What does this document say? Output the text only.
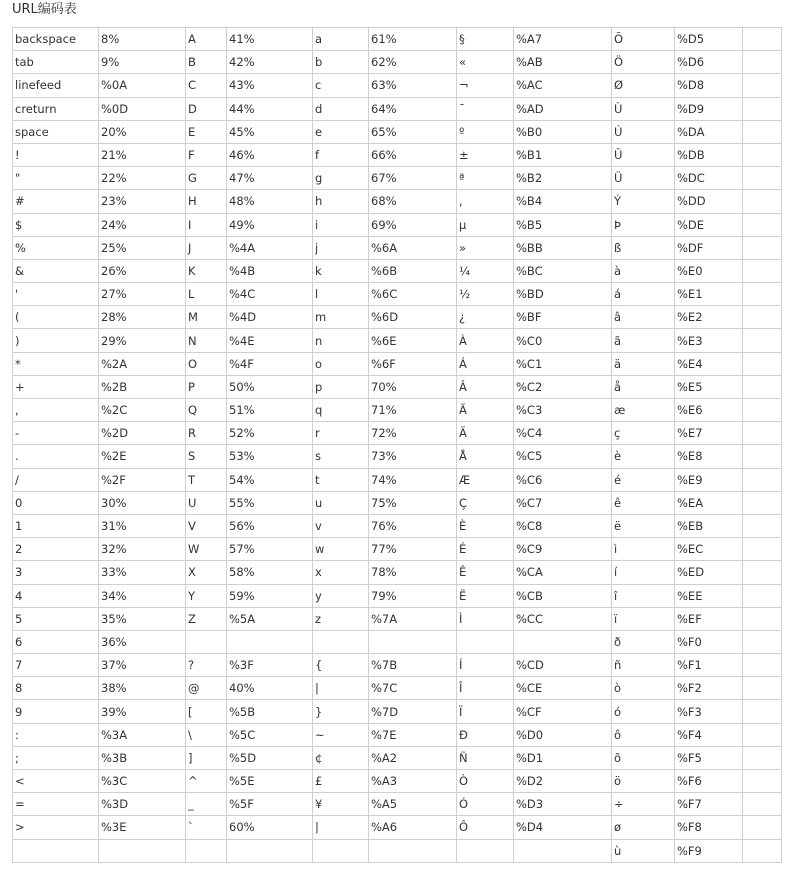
URL编码表
backspace	8%	A	41%	a	61%	§	%A7	Õ	%D5	
tab	9%	B	42%	b	62%	«	%AB	Ö	%D6	
linefeed	%0A	C	43%	c	63%	¬	%AC	Ø	%D8	
creturn	%0D	D	44%	d	64%	¯	%AD	Ù	%D9	
space	20%	E	45%	e	65%	º	%B0	Ú	%DA	
!	21%	F	46%	f	66%	±	%B1	Û	%DB	
"	22%	G	47%	g	67%	ª	%B2	Ü	%DC	
#	23%	H	48%	h	68%	,	%B4	Ý	%DD	
$	24%	I	49%	i	69%	µ	%B5	Þ	%DE	
%	25%	J	%4A	j	%6A	»	%BB	ß	%DF	
&	26%	K	%4B	k	%6B	¼	%BC	à	%E0	
'	27%	L	%4C	l	%6C	½	%BD	á	%E1	
(	28%	M	%4D	m	%6D	¿	%BF	â	%E2	
)	29%	N	%4E	n	%6E	À	%C0	ã	%E3	
*	%2A	O	%4F	o	%6F	Á	%C1	ä	%E4	
+	%2B	P	50%	p	70%	Â	%C2	å	%E5	
,	%2C	Q	51%	q	71%	Ã	%C3	æ	%E6	
-	%2D	R	52%	r	72%	Ä	%C4	ç	%E7	
.	%2E	S	53%	s	73%	Å	%C5	è	%E8	
/	%2F	T	54%	t	74%	Æ	%C6	é	%E9	
0	30%	U	55%	u	75%	Ç	%C7	ê	%EA	
1	31%	V	56%	v	76%	È	%C8	ë	%EB	
2	32%	W	57%	w	77%	É	%C9	ì	%EC	
3	33%	X	58%	x	78%	Ê	%CA	í	%ED	
4	34%	Y	59%	y	79%	Ë	%CB	î	%EE	
5	35%	Z	%5A	z	%7A	Ì	%CC	ï	%EF	
6	36%							ð	%F0	
7	37%	?	%3F	{	%7B	Í	%CD	ñ	%F1	
8	38%	@	40%	|	%7C	Î	%CE	ò	%F2	
9	39%	[	%5B	}	%7D	Ï	%CF	ó	%F3	
:	%3A	\	%5C	~	%7E	Ð	%D0	ô	%F4	
;	%3B	]	%5D	¢	%A2	Ñ	%D1	õ	%F5	
<	%3C	^	%5E	£	%A3	Ò	%D2	ö	%F6	
=	%3D	_	%5F	¥	%A5	Ó	%D3	÷	%F7	
>	%3E	`	60%	|	%A6	Ô	%D4	ø	%F8	
								ù	%F9	
